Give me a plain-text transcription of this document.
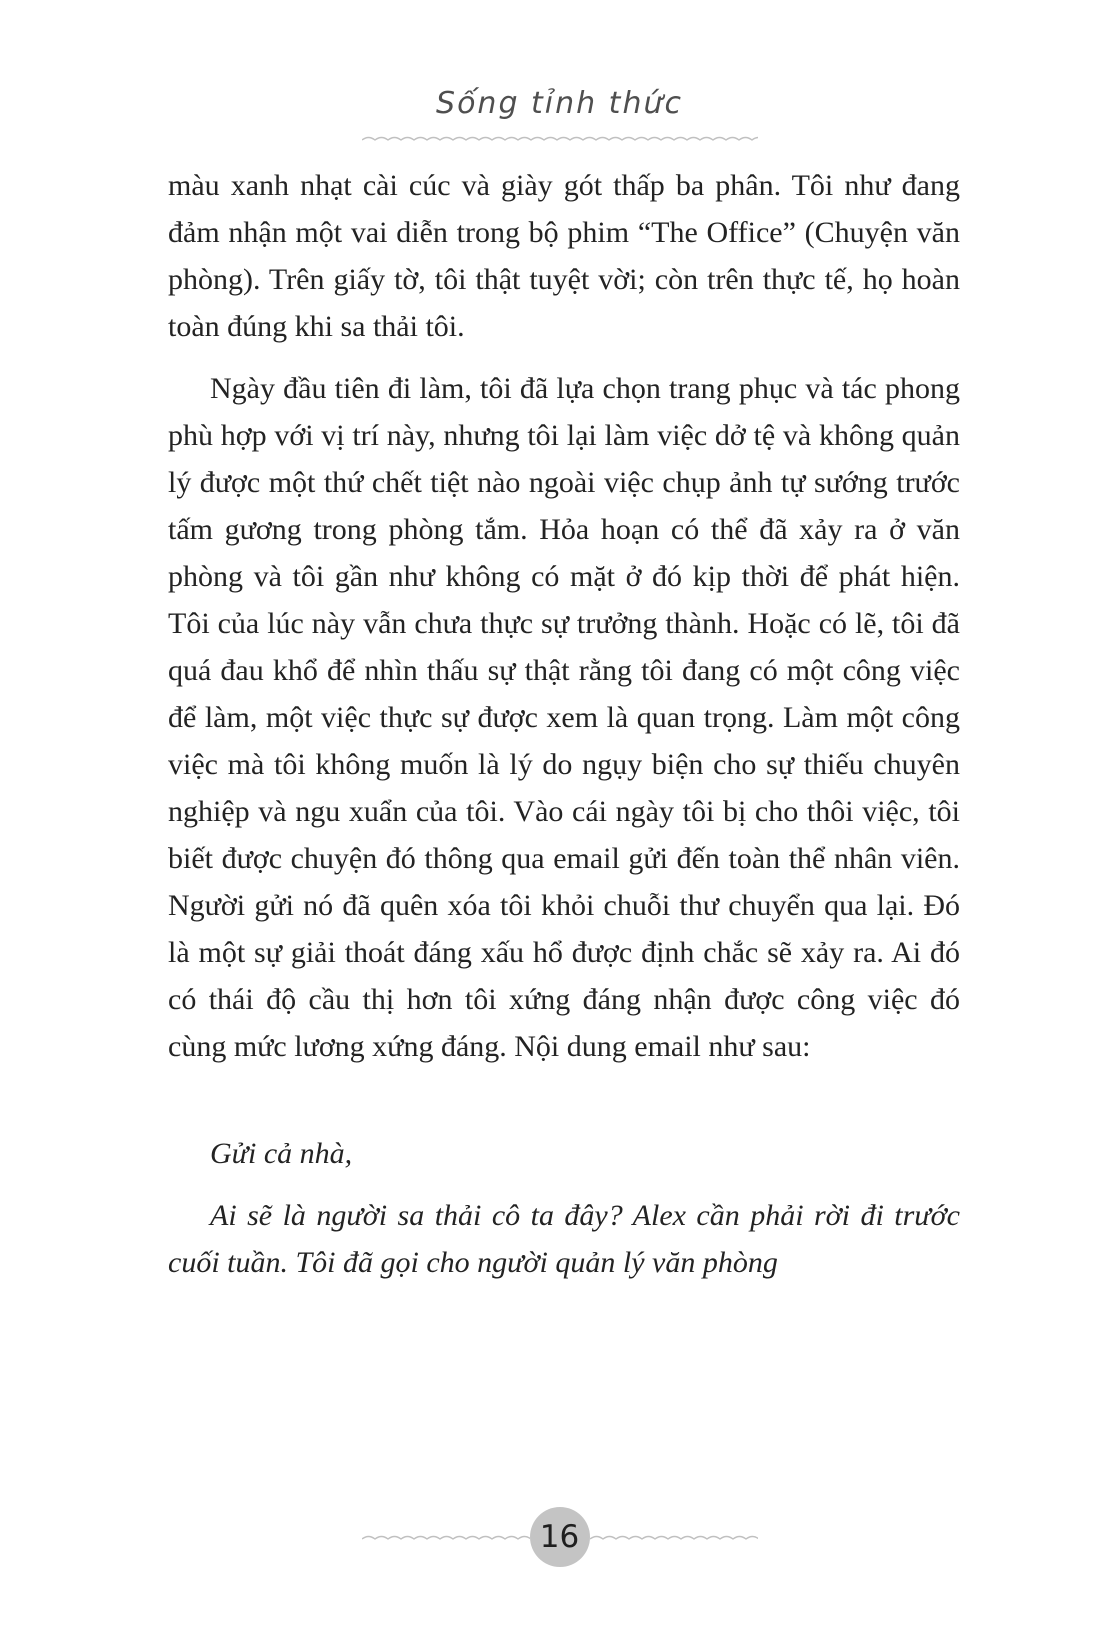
Sống tỉnh thức

màu xanh nhạt cài cúc và giày gót thấp ba phân. Tôi như đang đảm nhận một vai diễn trong bộ phim “The Office” (Chuyện văn phòng). Trên giấy tờ, tôi thật tuyệt vời; còn trên thực tế, họ hoàn toàn đúng khi sa thải tôi.

Ngày đầu tiên đi làm, tôi đã lựa chọn trang phục và tác phong phù hợp với vị trí này, nhưng tôi lại làm việc dở tệ và không quản lý được một thứ chết tiệt nào ngoài việc chụp ảnh tự sướng trước tấm gương trong phòng tắm. Hỏa hoạn có thể đã xảy ra ở văn phòng và tôi gần như không có mặt ở đó kịp thời để phát hiện. Tôi của lúc này vẫn chưa thực sự trưởng thành. Hoặc có lẽ, tôi đã quá đau khổ để nhìn thấu sự thật rằng tôi đang có một công việc để làm, một việc thực sự được xem là quan trọng. Làm một công việc mà tôi không muốn là lý do ngụy biện cho sự thiếu chuyên nghiệp và ngu xuẩn của tôi. Vào cái ngày tôi bị cho thôi việc, tôi biết được chuyện đó thông qua email gửi đến toàn thể nhân viên. Người gửi nó đã quên xóa tôi khỏi chuỗi thư chuyển qua lại. Đó là một sự giải thoát đáng xấu hổ được định chắc sẽ xảy ra. Ai đó có thái độ cầu thị hơn tôi xứng đáng nhận được công việc đó cùng mức lương xứng đáng. Nội dung email như sau:

Gửi cả nhà,

Ai sẽ là người sa thải cô ta đây? Alex cần phải rời đi trước cuối tuần. Tôi đã gọi cho người quản lý văn phòng

16
